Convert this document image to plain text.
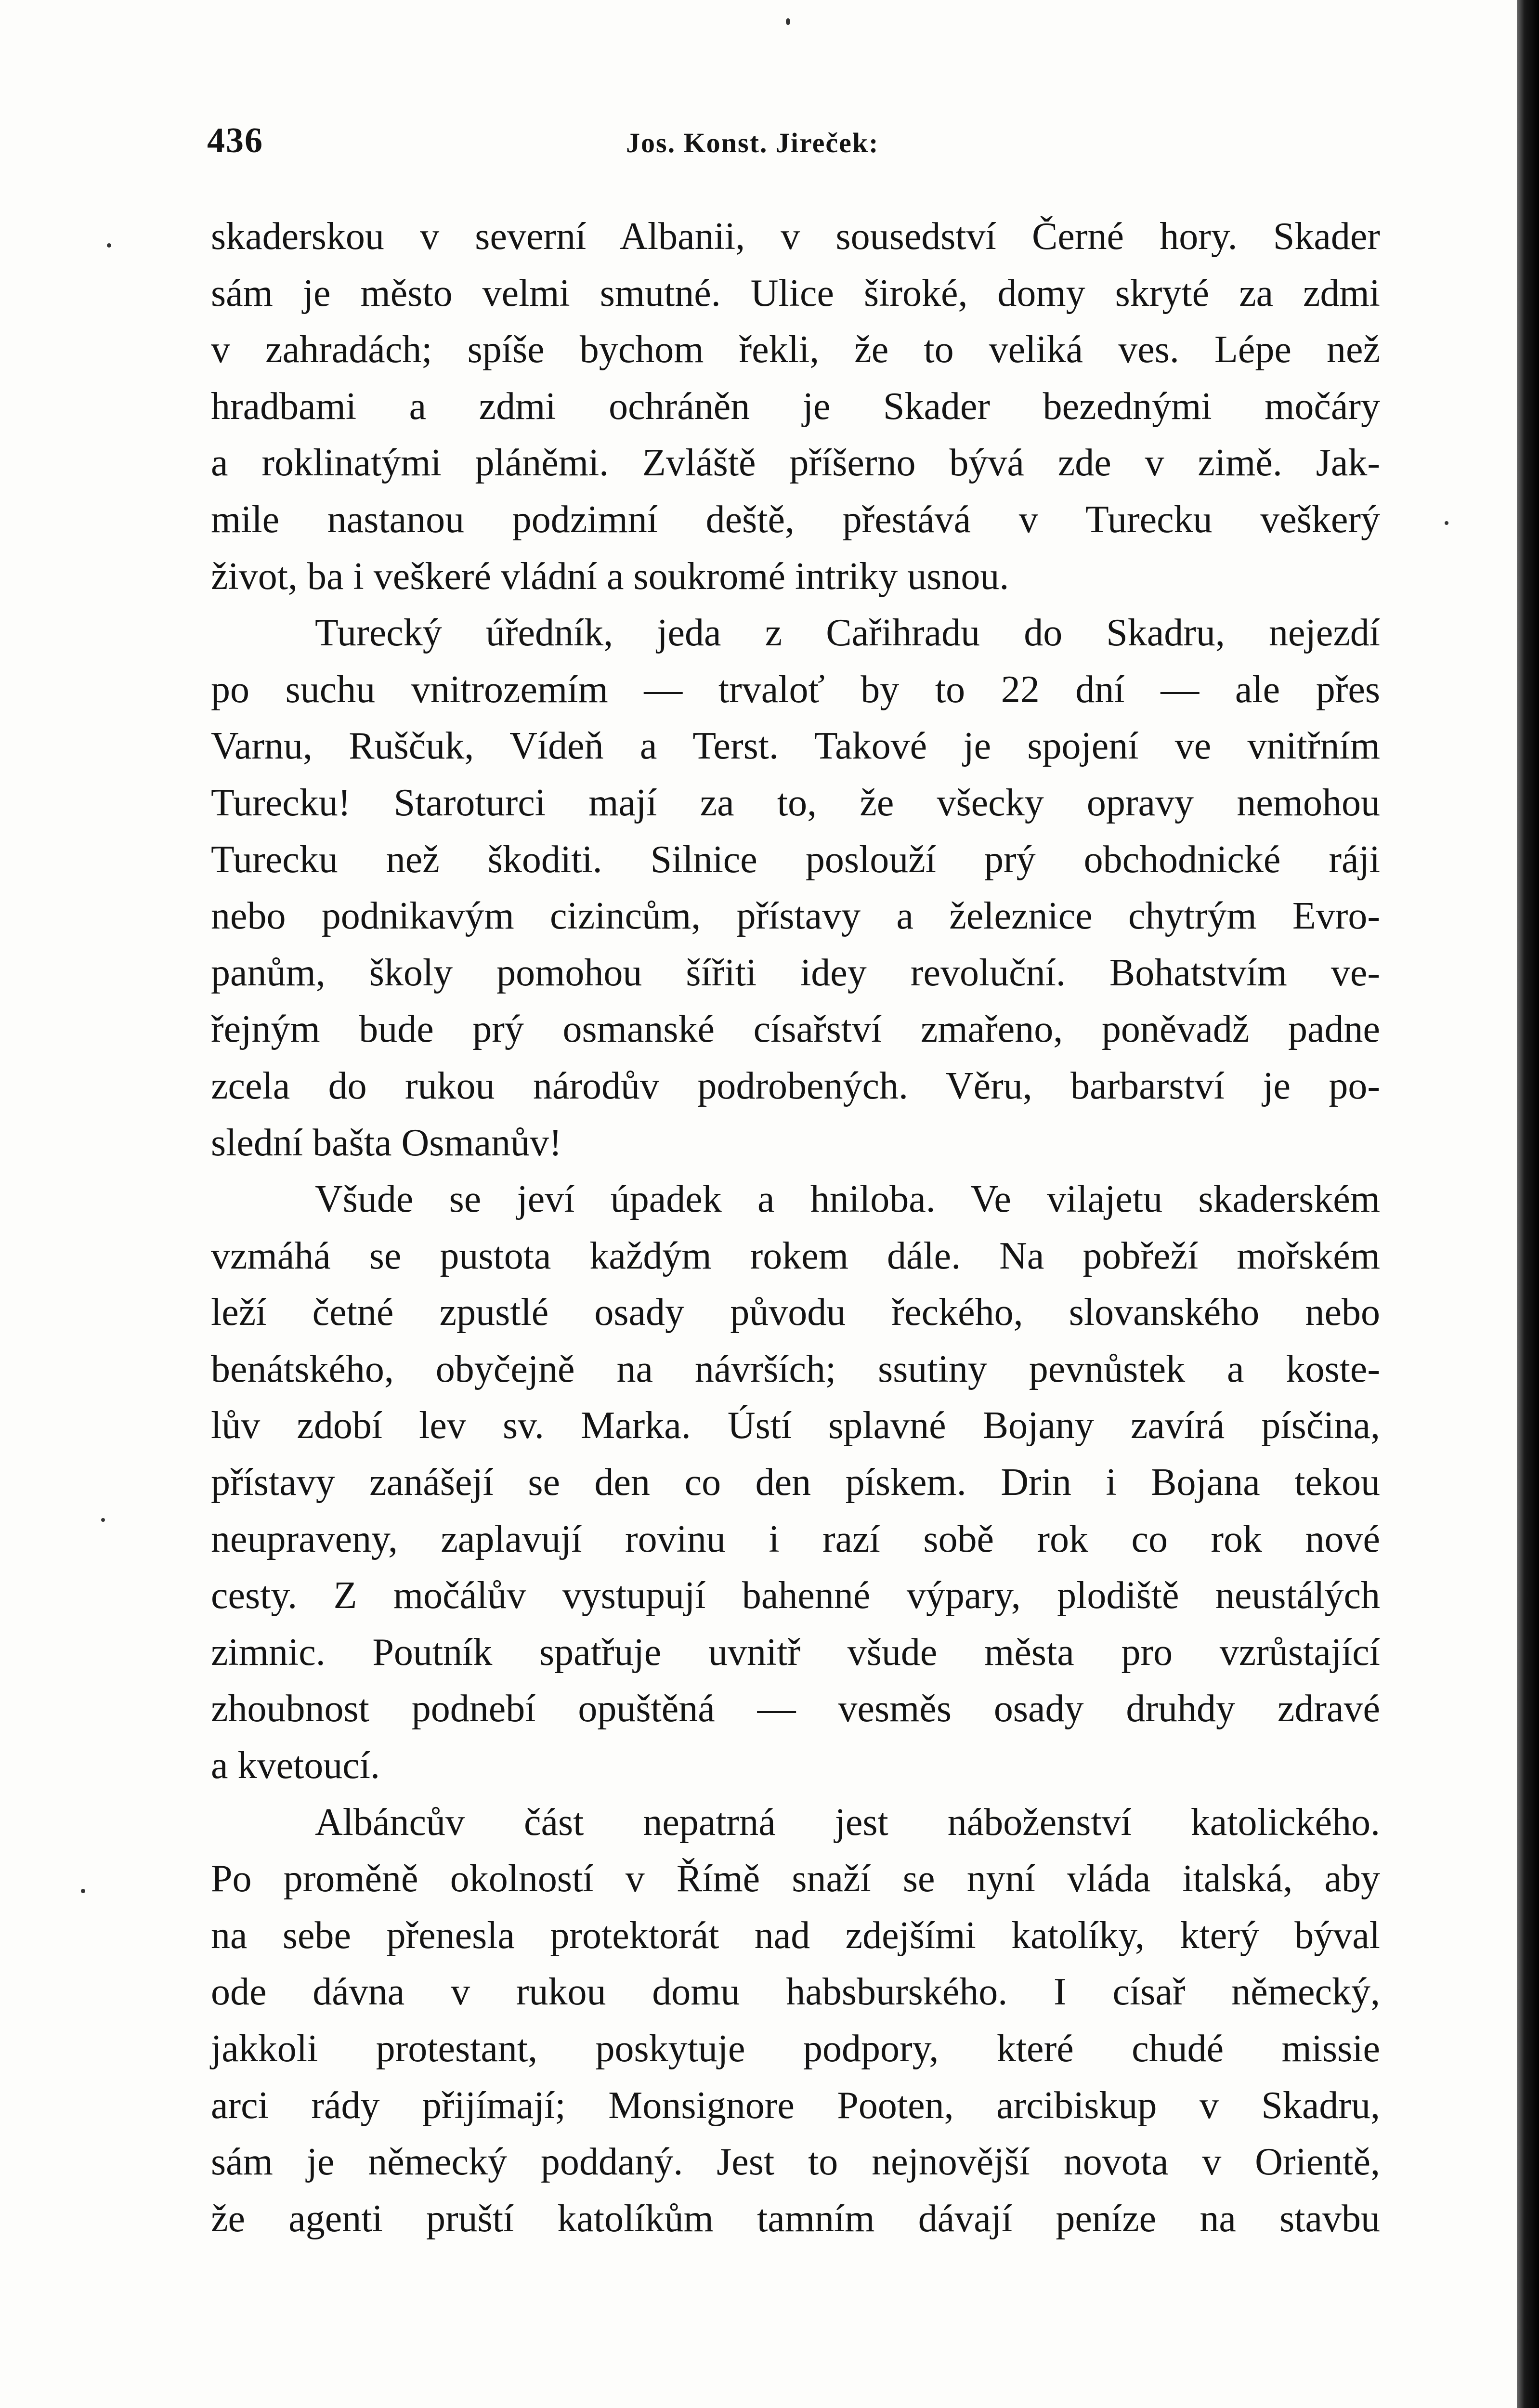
436	Jos. Konst. Jireček:
skaderskou v severní Albanii, v sousedství Černé hory. Skader
sám je město velmi smutné. Ulice široké, domy skryté za zdmi
v zahradách; spíše bychom řekli, že to veliká ves. Lépe než
hradbami a zdmi ochráněn je Skader bezednými močáry
a roklinatými pláněmi. Zvláště příšerno bývá zde v zimě. Jak-
mile nastanou podzimní deště, přestává v Turecku veškerý
život, ba i veškeré vládní a soukromé intriky usnou.
Turecký úředník, jeda z Cařihradu do Skadru, nejezdí
po suchu vnitrozemím — trvaloť by to 22 dní — ale přes
Varnu, Ruščuk, Vídeň a Terst. Takové je spojení ve vnitřním
Turecku! Staroturci mají za to, že všecky opravy nemohou
Turecku než škoditi. Silnice poslouží prý obchodnické ráji
nebo podnikavým cizincům, přístavy a železnice chytrým Evro-
panům, školy pomohou šířiti idey revoluční. Bohatstvím ve-
řejným bude prý osmanské císařství zmařeno, poněvadž padne
zcela do rukou národův podrobených. Věru, barbarství je po-
slední bašta Osmanův!
Všude se jeví úpadek a hniloba. Ve vilajetu skaderském
vzmáhá se pustota každým rokem dále. Na pobřeží mořském
leží četné zpustlé osady původu řeckého, slovanského nebo
benátského, obyčejně na návrších; ssutiny pevnůstek a koste-
lův zdobí lev sv. Marka. Ústí splavné Bojany zavírá písčina,
přístavy zanášejí se den co den pískem. Drin i Bojana tekou
neupraveny, zaplavují rovinu i razí sobě rok co rok nové
cesty. Z močálův vystupují bahenné výpary, plodiště neustálých
zimnic. Poutník spatřuje uvnitř všude města pro vzrůstající
zhoubnost podnebí opuštěná — vesměs osady druhdy zdravé
a kvetoucí.
Albáncův část nepatrná jest náboženství katolického.
Po proměně okolností v Římě snaží se nyní vláda italská, aby
na sebe přenesla protektorát nad zdejšími katolíky, který býval
ode dávna v rukou domu habsburského. I císař německý,
jakkoli protestant, poskytuje podpory, které chudé missie
arci rády přijímají; Monsignore Pooten, arcibiskup v Skadru,
sám je německý poddaný. Jest to nejnovější novota v Orientě,
že agenti pruští katolíkům tamním dávají peníze na stavbu
